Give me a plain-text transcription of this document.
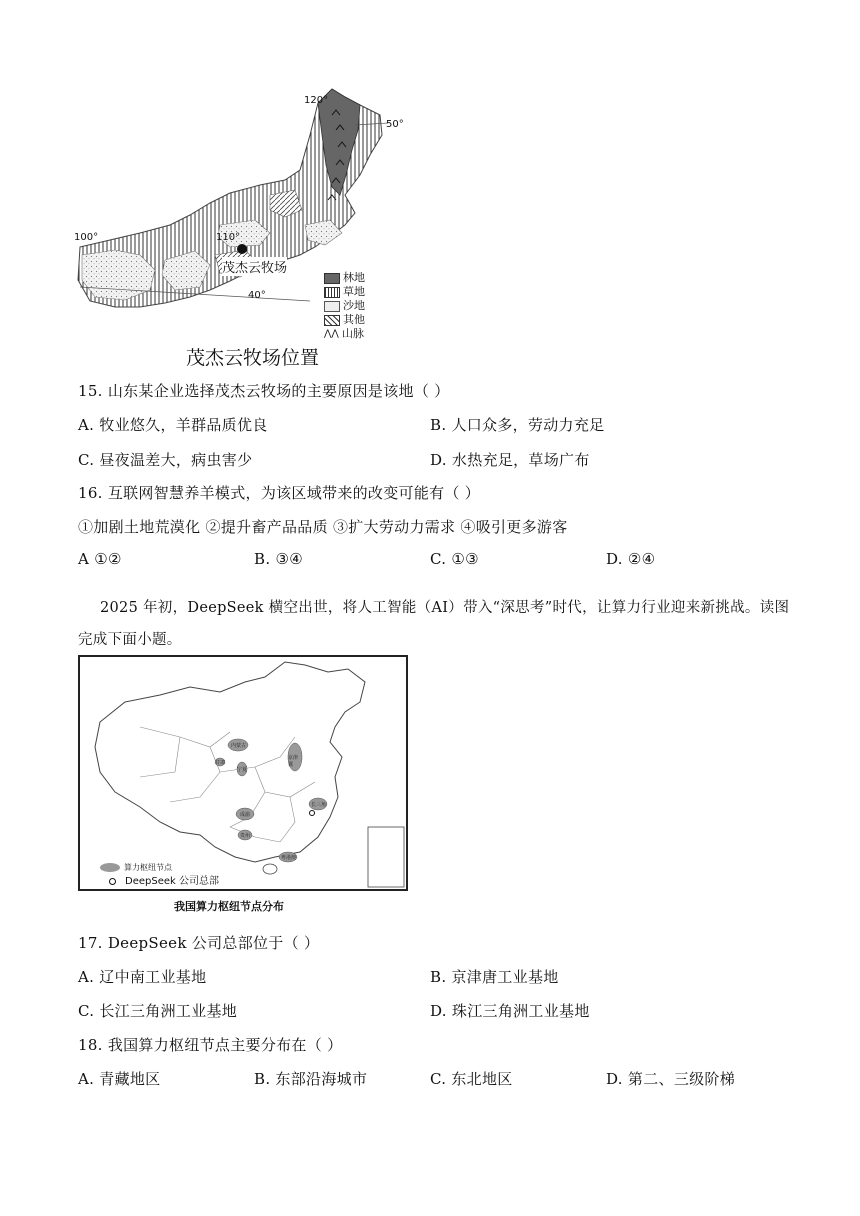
100°	110°
120°
50°
40°
茂杰云牧场
林地
草地
沙地
其他
⋀⋀ 山脉
茂杰云牧场位置
15. 山东某企业选择茂杰云牧场的主要原因是该地（ ）
A. 牧业悠久，羊群品质优良	B. 人口众多，劳动力充足
C. 昼夜温差大，病虫害少	D. 水热充足，草场广布
16. 互联网智慧养羊模式，为该区域带来的改变可能有（ ）
①加剧土地荒漠化 ②提升畜产品品质 ③扩大劳动力需求 ④吸引更多游客
A ①②	B. ③④	C. ①③	D. ②④
2025 年初，DeepSeek 横空出世，将人工智能（AI）带入“深思考”时代，让算力行业迎来新挑战。读图
完成下面小题。
内蒙古
京津冀
甘肃
宁夏
长三角
成渝
贵州
粤港澳
算力枢纽节点
DeepSeek 公司总部
我国算力枢纽节点分布
17. DeepSeek 公司总部位于（ ）
A. 辽中南工业基地	B. 京津唐工业基地
C. 长江三角洲工业基地	D. 珠江三角洲工业基地
18. 我国算力枢纽节点主要分布在（ ）
A. 青藏地区	B. 东部沿海城市	C. 东北地区	D. 第二、三级阶梯
